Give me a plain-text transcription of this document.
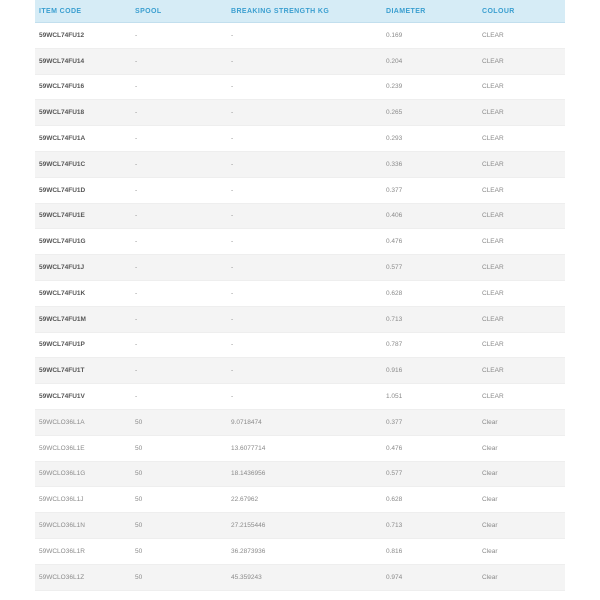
ITEM CODE	SPOOL	BREAKING STRENGTH KG	DIAMETER	COLOUR
59WCL74FU12	-	-	0.169	CLEAR
59WCL74FU14	-	-	0.204	CLEAR
59WCL74FU16	-	-	0.239	CLEAR
59WCL74FU18	-	-	0.265	CLEAR
59WCL74FU1A	-	-	0.293	CLEAR
59WCL74FU1C	-	-	0.336	CLEAR
59WCL74FU1D	-	-	0.377	CLEAR
59WCL74FU1E	-	-	0.406	CLEAR
59WCL74FU1G	-	-	0.476	CLEAR
59WCL74FU1J	-	-	0.577	CLEAR
59WCL74FU1K	-	-	0.628	CLEAR
59WCL74FU1M	-	-	0.713	CLEAR
59WCL74FU1P	-	-	0.787	CLEAR
59WCL74FU1T	-	-	0.916	CLEAR
59WCL74FU1V	-	-	1.051	CLEAR
59WCLO36L1A	50	9.0718474	0.377	Clear
59WCLO36L1E	50	13.6077714	0.476	Clear
59WCLO36L1G	50	18.1436956	0.577	Clear
59WCLO36L1J	50	22.67962	0.628	Clear
59WCLO36L1N	50	27.2155446	0.713	Clear
59WCLO36L1R	50	36.2873936	0.816	Clear
59WCLO36L1Z	50	45.359243	0.974	Clear
